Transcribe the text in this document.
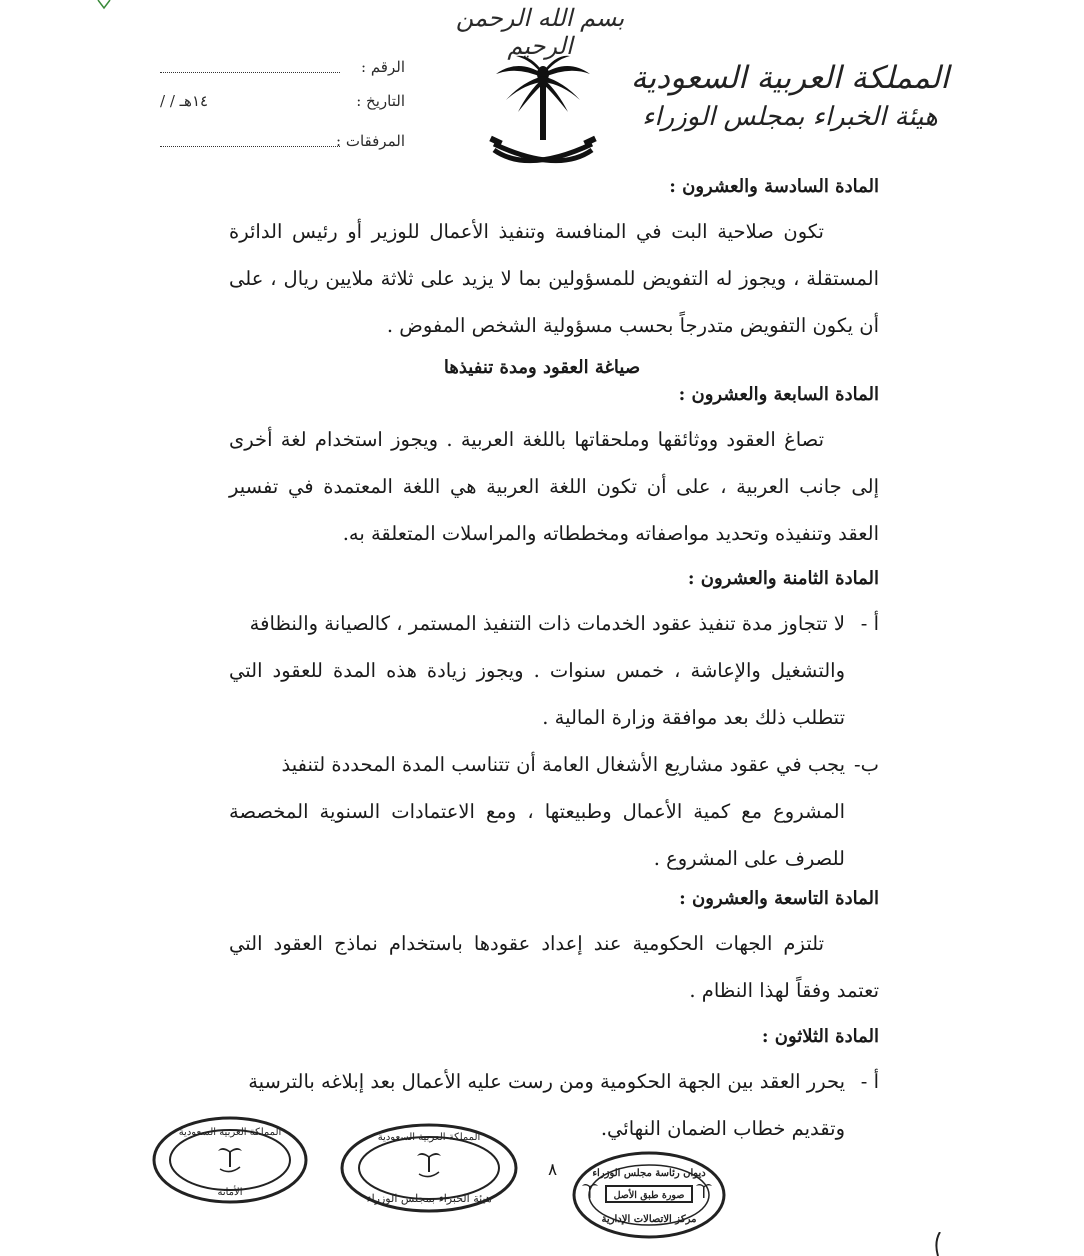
بسم الله الرحمن الرحيم
المملكة العربية السعودية
هيئة الخبراء بمجلس الوزراء
الرقم :
التاريخ :
/ / ١٤هـ
المرفقات :
المادة السادسة والعشرون :
تكون صلاحية البت في المنافسة وتنفيذ الأعمال للوزير أو رئيس الدائرة المستقلة ، ويجوز له التفويض للمسؤولين بما لا يزيد على ثلاثة ملايين ريال ، على أن يكون التفويض متدرجاً بحسب مسؤولية الشخص المفوض .
صياغة العقود ومدة تنفيذها
المادة السابعة والعشرون :
تصاغ العقود ووثائقها وملحقاتها باللغة العربية . ويجوز استخدام لغة أخرى إلى جانب العربية ، على أن تكون اللغة العربية هي اللغة المعتمدة في تفسير العقد وتنفيذه وتحديد مواصفاته ومخططاته والمراسلات المتعلقة به.
المادة الثامنة والعشرون :
أ -
لا تتجاوز مدة تنفيذ عقود الخدمات ذات التنفيذ المستمر ، كالصيانة والنظافة
والتشغيل والإعاشة ، خمس سنوات . ويجوز زيادة هذه المدة للعقود التي تتطلب ذلك بعد موافقة وزارة المالية .
ب-
يجب في عقود مشاريع الأشغال العامة أن تتناسب المدة المحددة لتنفيذ
المشروع مع كمية الأعمال وطبيعتها ، ومع الاعتمادات السنوية المخصصة للصرف على المشروع .
المادة التاسعة والعشرون :
تلتزم الجهات الحكومية عند إعداد عقودها باستخدام نماذج العقود التي تعتمد وفقاً لهذا النظام .
المادة الثلاثون :
أ -
يحرر العقد بين الجهة الحكومية ومن رست عليه الأعمال بعد إبلاغه بالترسية
وتقديم خطاب الضمان النهائي.
٨
المملكة العربية السعودية
الأمانة
المملكة العربية السعودية
هيئة الخبراء بمجلس الوزراء
ديوان رئاسة مجلس الوزراء
صورة طبق الأصل
مركز الاتصالات الإدارية
